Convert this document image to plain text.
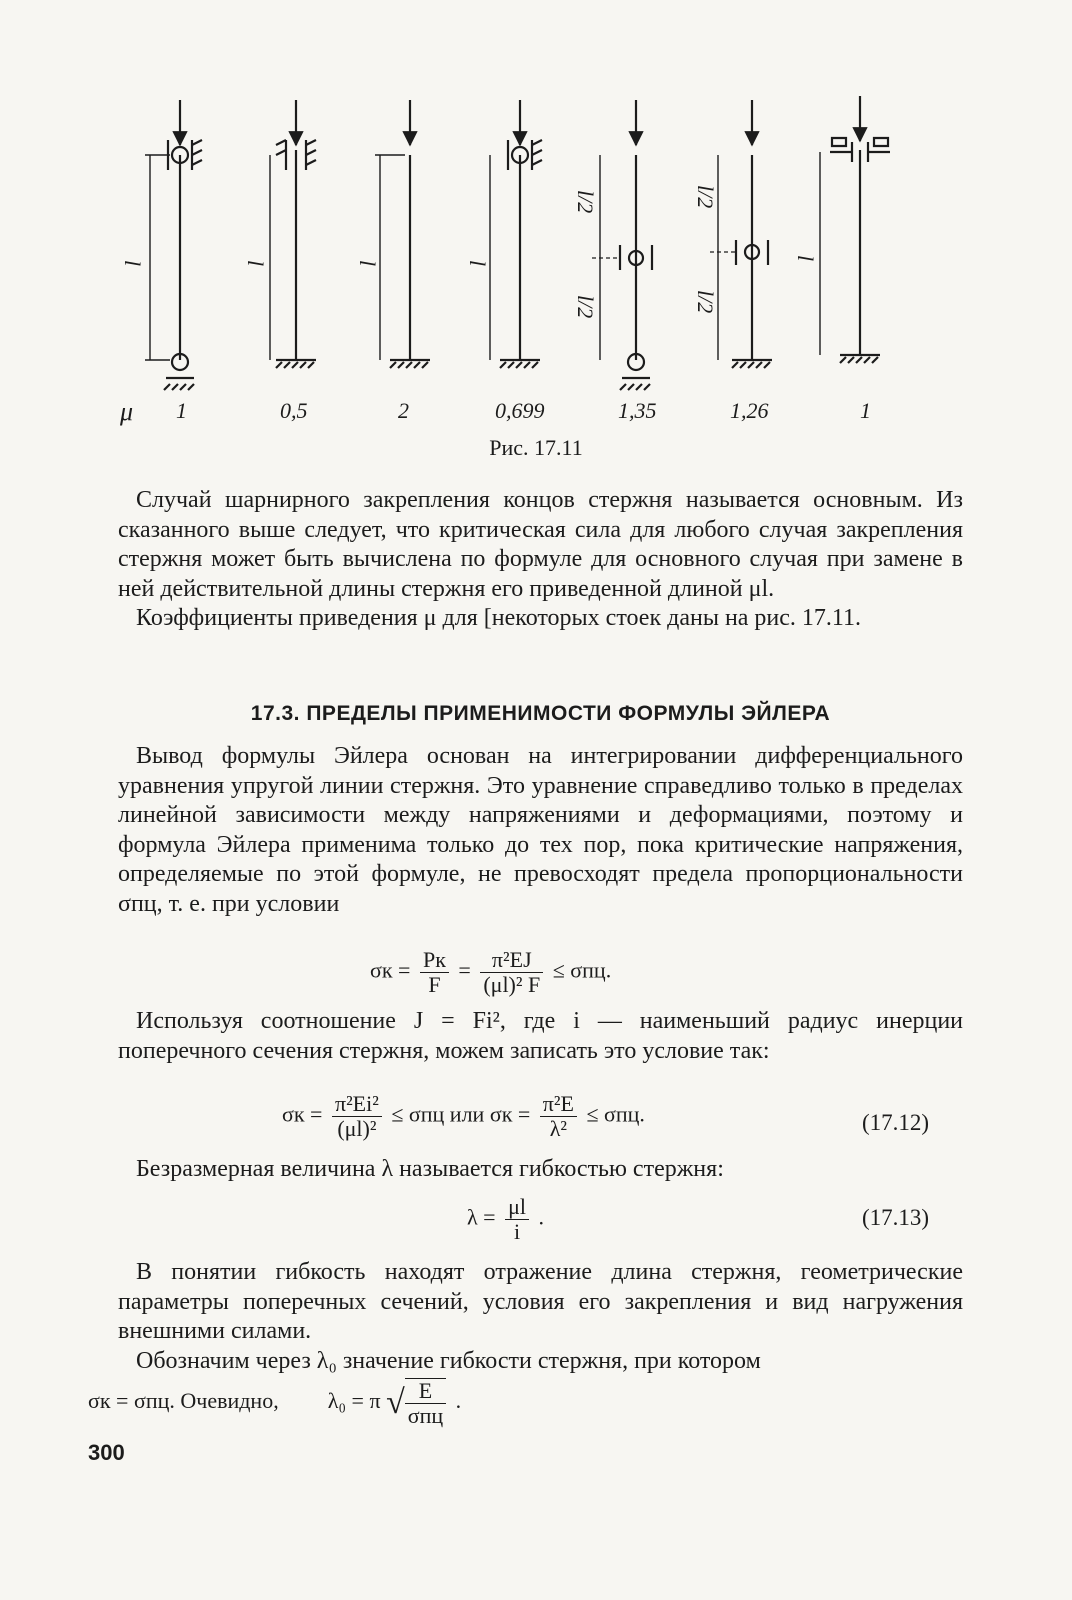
l	l	l	l
l/2
l/2
l/2
l/2
l
μ 1	0,5	2	0,699	1,35	1,26	1
Рис. 17.11

Случай шарнирного закрепления концов стержня называется основным. Из сказанного выше следует, что критическая сила для любого случая закрепления стержня может быть вычислена по формуле для основного случая при замене в ней действительной длины стержня его приведенной длиной μl.

Коэффициенты приведения μ для [некоторых стоек даны на рис. 17.11.

17.3. ПРЕДЕЛЫ ПРИМЕНИМОСТИ ФОРМУЛЫ ЭЙЛЕРА

Вывод формулы Эйлера основан на интегрировании дифференциального уравнения упругой линии стержня. Это уравнение справедливо только в пределах линейной зависимости между напряжениями и деформациями, поэтому и формула Эйлера применима только до тех пор, пока критические напряжения, определяемые по этой формуле, не превосходят предела пропорциональности σпц, т. е. при условии

$\sigma к = \frac{Pк}{F} = \frac{\text{π²EJ}}{\text{(μl)² F}} \le \sigma пц$.

Используя соотношение J = Fi², где i — наименьший радиус инерции поперечного сечения стержня, можем записать это условие так:

$\sigma к = \frac{\text{π²Ei²}}{\text{(μl)²}} \le \sigma пц$ или $\sigma к = \frac{\text{π²E}}{\text{λ²}} \le \sigma пц$.	(17.12)

Безразмерная величина λ называется гибкостью стержня:

$\lambda = \frac{\mu l}{i}$ .	(17.13)

В понятии гибкость находят отражение длина стержня, геометрические параметры поперечных сечений, условия его закрепления и вид нагружения внешними силами.

Обозначим через λ₀ значение гибкости стержня, при котором

σк = σпц. Очевидно, λ₀ = π √ $\frac{E}{\text{σпц}}$ .
300
